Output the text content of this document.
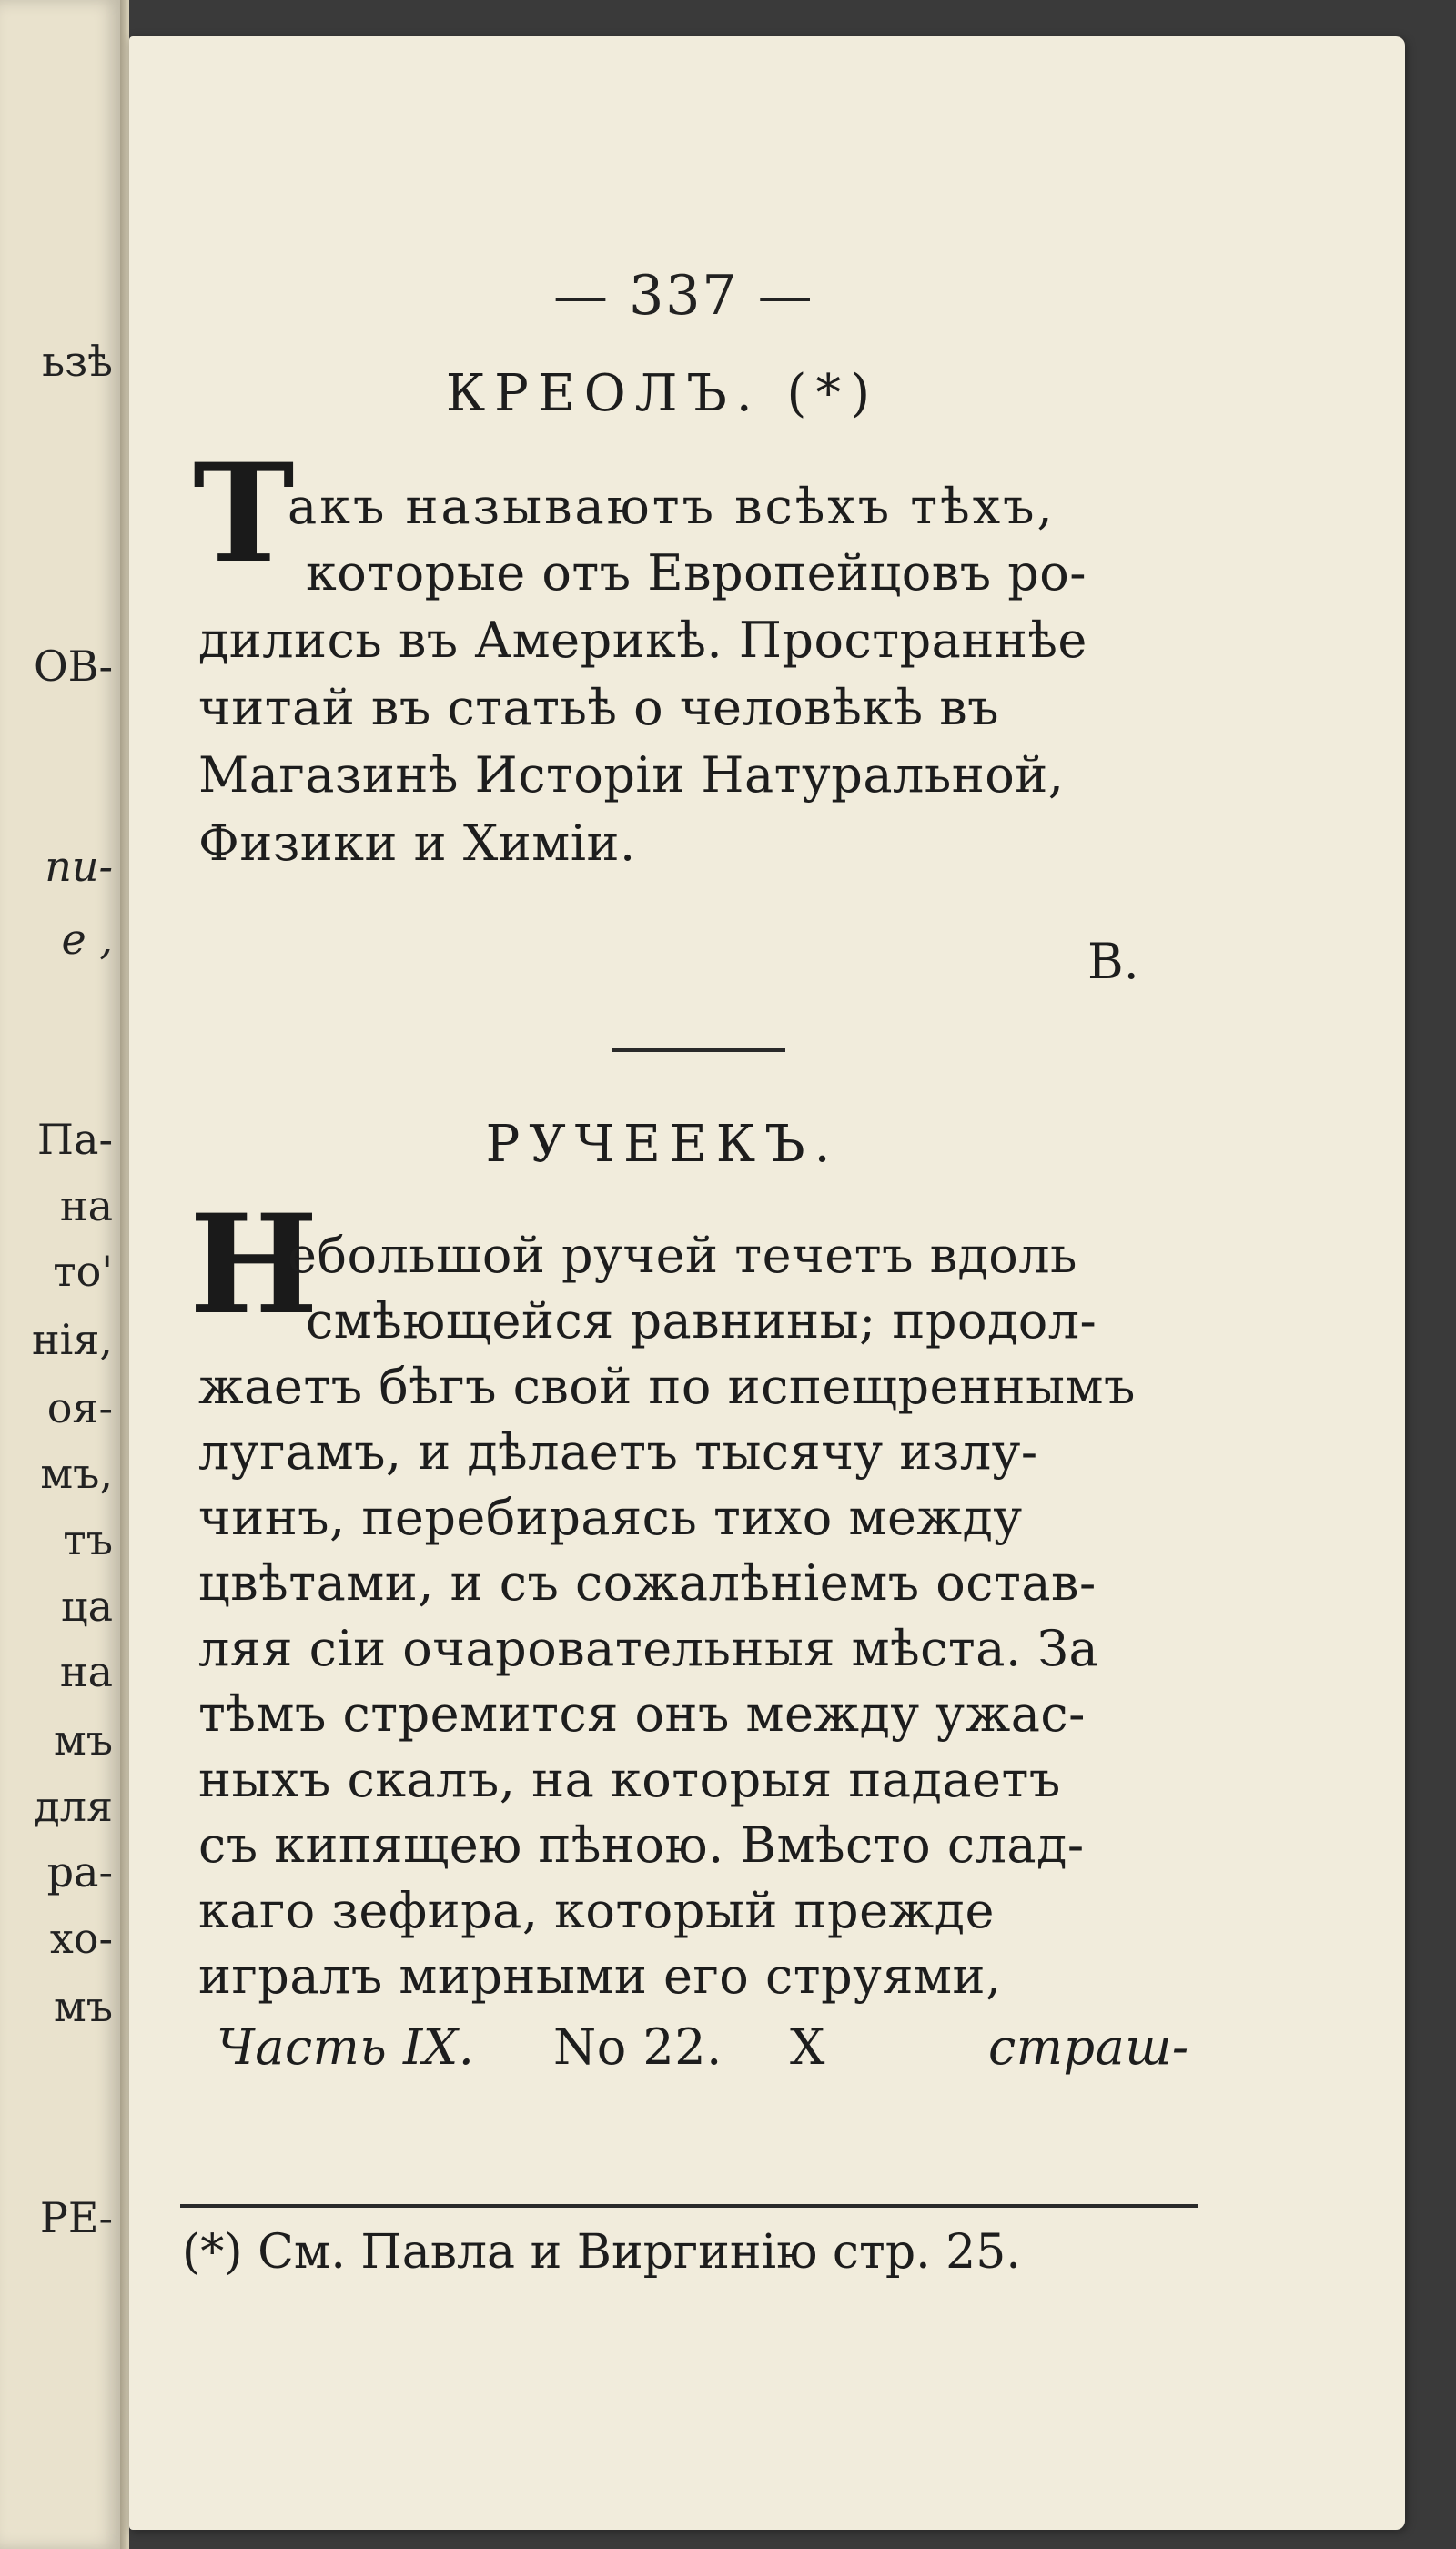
ьзѣ
ОВ-
пи-
е ,
Па-
на
то'
нія,
оя-
мъ,
тъ
ца
на
мъ
для
ра-
хо-
мъ
РЕ-
— 337 —
КРЕОЛЪ. (*)
Т
акъ называютъ всѣхъ тѣхъ,
которые отъ Европейцовъ ро-
дились въ Америкѣ. Пространнѣе
читай въ статьѣ о человѣкѣ въ
Магазинѣ Исторіи Натуральной,
Физики и Химіи.
В.
РУЧЕЕКЪ.
Н
ебольшой ручей течетъ вдоль
смѣющейся равнины; продол-
жаетъ бѣгъ свой по испещреннымъ
лугамъ, и дѣлаетъ тысячу излу-
чинъ, перебираясь тихо между
цвѣтами, и съ сожалѣніемъ остав-
ляя сіи очаровательныя мѣста. За
тѣмъ стремится онъ между ужас-
ныхъ скалъ, на которыя падаетъ
съ кипящею пѣною. Вмѣсто слад-
каго зефира, который прежде
игралъ мирными его струями,
Часть IX. No 22. X	страш-
(*) См. Павла и Виргинію стр. 25.
